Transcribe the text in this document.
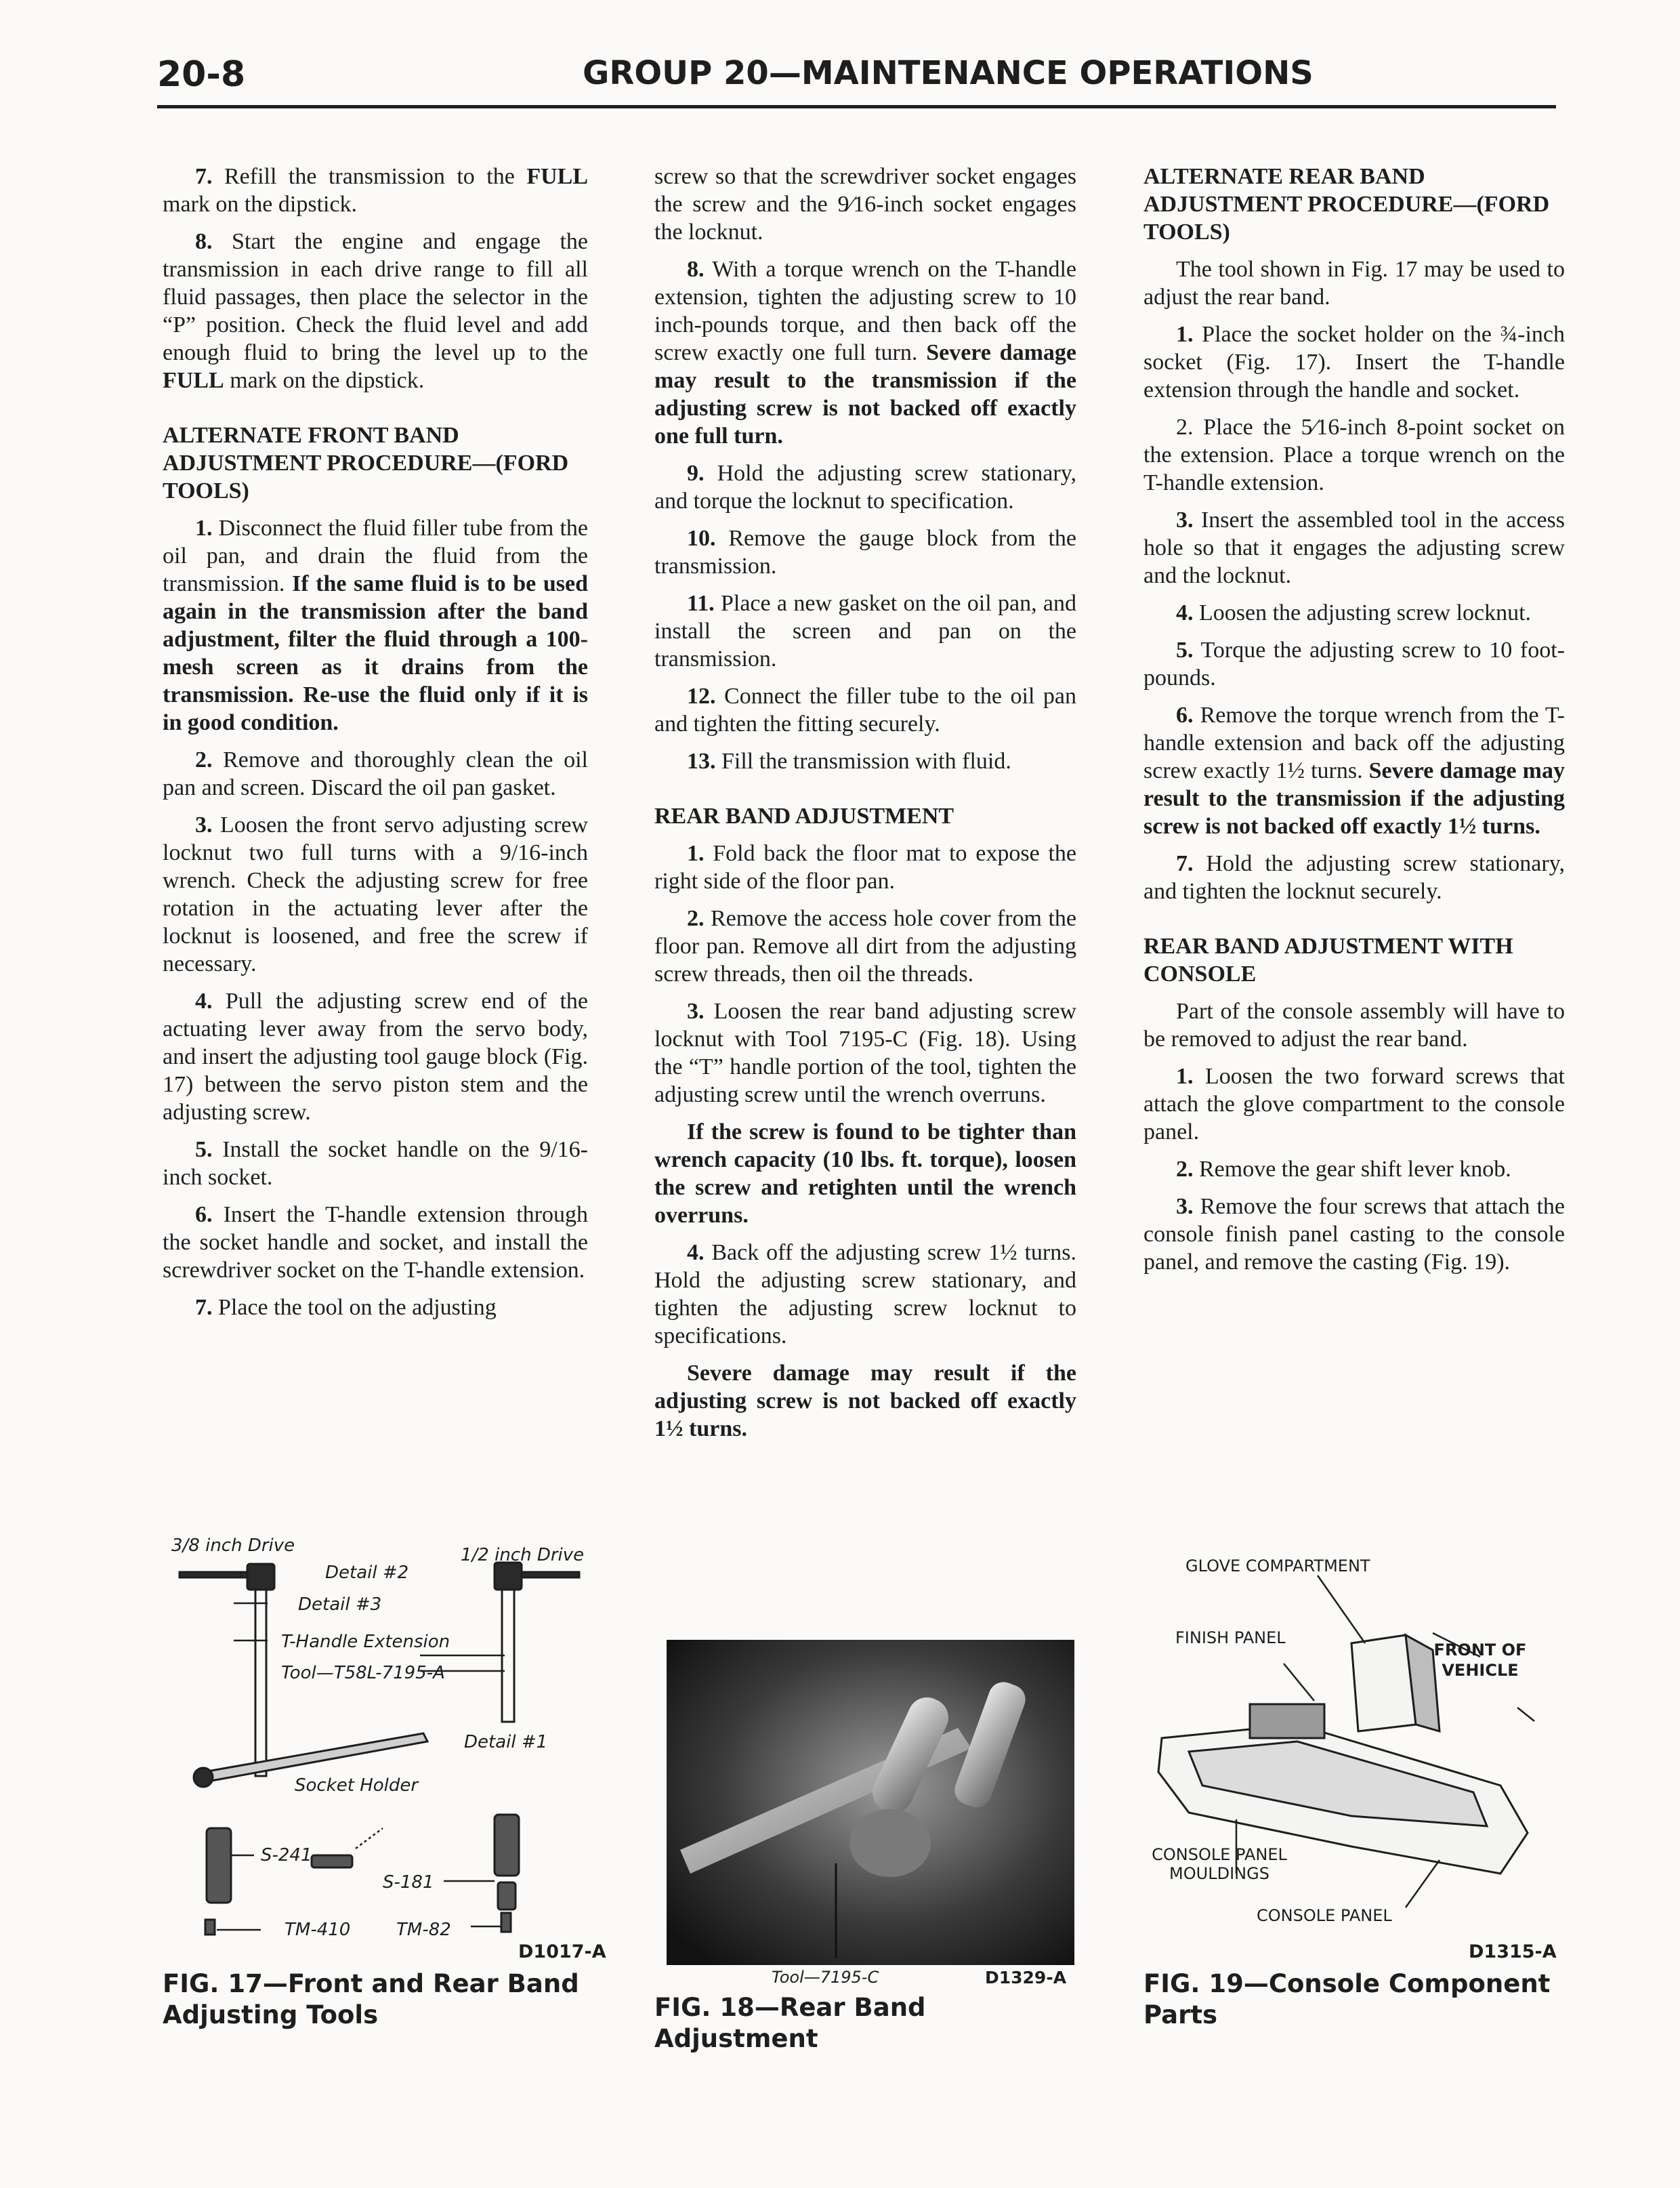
20-8	GROUP 20—MAINTENANCE OPERATIONS

7. Refill the transmission to the FULL mark on the dipstick.

8. Start the engine and engage the transmission in each drive range to fill all fluid passages, then place the selector in the “P” position. Check the fluid level and add enough fluid to bring the level up to the FULL mark on the dipstick.

ALTERNATE FRONT BAND ADJUSTMENT PROCEDURE—(FORD TOOLS)

1. Disconnect the fluid filler tube from the oil pan, and drain the fluid from the transmission. If the same fluid is to be used again in the transmission after the band adjustment, filter the fluid through a 100-mesh screen as it drains from the transmission. Re-use the fluid only if it is in good condition.

2. Remove and thoroughly clean the oil pan and screen. Discard the oil pan gasket.

3. Loosen the front servo adjusting screw locknut two full turns with a 9/16-inch wrench. Check the adjusting screw for free rotation in the actuating lever after the locknut is loosened, and free the screw if necessary.

4. Pull the adjusting screw end of the actuating lever away from the servo body, and insert the adjusting tool gauge block (Fig. 17) between the servo piston stem and the adjusting screw.

5. Install the socket handle on the 9/16-inch socket.

6. Insert the T-handle extension through the socket handle and socket, and install the screwdriver socket on the T-handle extension.

7. Place the tool on the adjusting

screw so that the screwdriver socket engages the screw and the 9⁄16-inch socket engages the locknut.

8. With a torque wrench on the T-handle extension, tighten the adjusting screw to 10 inch-pounds torque, and then back off the screw exactly one full turn. Severe damage may result to the transmission if the adjusting screw is not backed off exactly one full turn.

9. Hold the adjusting screw stationary, and torque the locknut to specification.

10. Remove the gauge block from the transmission.

11. Place a new gasket on the oil pan, and install the screen and pan on the transmission.

12. Connect the filler tube to the oil pan and tighten the fitting securely.

13. Fill the transmission with fluid.

REAR BAND ADJUSTMENT

1. Fold back the floor mat to expose the right side of the floor pan.

2. Remove the access hole cover from the floor pan. Remove all dirt from the adjusting screw threads, then oil the threads.

3. Loosen the rear band adjusting screw locknut with Tool 7195-C (Fig. 18). Using the “T” handle portion of the tool, tighten the adjusting screw until the wrench overruns.

If the screw is found to be tighter than wrench capacity (10 lbs. ft. torque), loosen the screw and retighten until the wrench overruns.

4. Back off the adjusting screw 1½ turns. Hold the adjusting screw stationary, and tighten the adjusting screw locknut to specifications.

Severe damage may result if the adjusting screw is not backed off exactly 1½ turns.

ALTERNATE REAR BAND ADJUSTMENT PROCEDURE—(FORD TOOLS)

The tool shown in Fig. 17 may be used to adjust the rear band.

1. Place the socket holder on the ¾-inch socket (Fig. 17). Insert the T-handle extension through the handle and socket.

2. Place the 5⁄16-inch 8-point socket on the extension. Place a torque wrench on the T-handle extension.

3. Insert the assembled tool in the access hole so that it engages the adjusting screw and the locknut.

4. Loosen the adjusting screw locknut.

5. Torque the adjusting screw to 10 foot-pounds.

6. Remove the torque wrench from the T-handle extension and back off the adjusting screw exactly 1½ turns. Severe damage may result to the transmission if the adjusting screw is not backed off exactly 1½ turns.

7. Hold the adjusting screw stationary, and tighten the locknut securely.

REAR BAND ADJUSTMENT WITH CONSOLE

Part of the console assembly will have to be removed to adjust the rear band.

1. Loosen the two forward screws that attach the glove compartment to the console panel.

2. Remove the gear shift lever knob.

3. Remove the four screws that attach the console finish panel casting to the console panel, and remove the casting (Fig. 19).

3/8 inch Drive	1/2 inch Drive
Detail #2
Detail #3
T-Handle Extension
Tool—T58L-7195-A
Detail #1
Socket Holder
S-241
S-181
TM-410	TM-82
D1017-A
FIG. 17—Front and Rear Band Adjusting Tools
Tool—7195-C	D1329-A
FIG. 18—Rear Band Adjustment
GLOVE COMPARTMENT
FINISH PANEL
FRONT OF VEHICLE
CONSOLE PANEL MOULDINGS
CONSOLE PANEL
D1315-A
FIG. 19—Console Component Parts
